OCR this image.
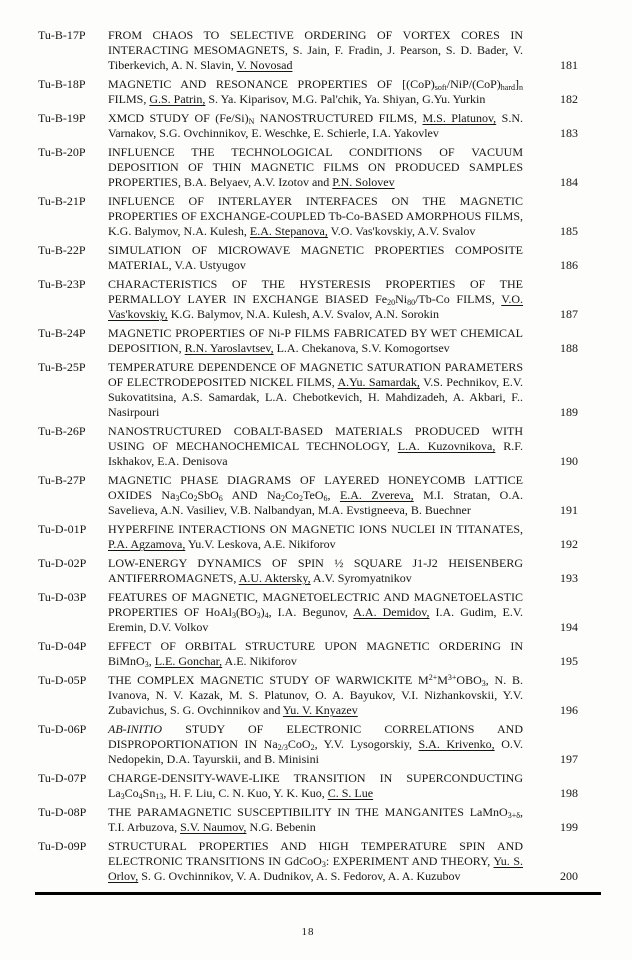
Tu-B-17P	FROM CHAOS TO SELECTIVE ORDERING OF VORTEX CORES IN INTERACTING MESOMAGNETS, S. Jain, F. Fradin, J. Pearson, S. D. Bader, V. Tiberkevich, A. N. Slavin, V. Novosad	181
Tu-B-18P	MAGNETIC AND RESONANCE PROPERTIES OF $[(CoP)_{soft}/NiP/(CoP)_{hard}]_n$ FILMS, G.S. Patrin, S. Ya. Kiparisov, M.G. Pal'chik, Ya. Shiyan, G.Yu. Yurkin	182
Tu-B-19P	XMCD STUDY OF $(Fe/Si)_N$ NANOSTRUCTURED FILMS, M.S. Platunov, S.N. Varnakov, S.G. Ovchinnikov, E. Weschke, E. Schierle, I.A. Yakovlev	183
Tu-B-20P	INFLUENCE THE TECHNOLOGICAL CONDITIONS OF VACUUM DEPOSITION OF THIN MAGNETIC FILMS ON PRODUCED SAMPLES PROPERTIES, B.A. Belyaev, A.V. Izotov and P.N. Solovev	184
Tu-B-21P	INFLUENCE OF INTERLAYER INTERFACES ON THE MAGNETIC PROPERTIES OF EXCHANGE-COUPLED Tb-Co-BASED AMORPHOUS FILMS, K.G. Balymov, N.A. Kulesh, E.A. Stepanova, V.O. Vas'kovskiy, A.V. Svalov	185
Tu-B-22P	SIMULATION OF MICROWAVE MAGNETIC PROPERTIES COMPOSITE MATERIAL, V.A. Ustyugov	186
Tu-B-23P	CHARACTERISTICS OF THE HYSTERESIS PROPERTIES OF THE PERMALLOY LAYER IN EXCHANGE BIASED $Fe_{20}Ni_{80}/Tb-Co$ FILMS, V.O. Vas'kovskiy, K.G. Balymov, N.A. Kulesh, A.V. Svalov, A.N. Sorokin	187
Tu-B-24P	MAGNETIC PROPERTIES OF Ni-P FILMS FABRICATED BY WET CHEMICAL DEPOSITION, R.N. Yaroslavtsev, L.A. Chekanova, S.V. Komogortsev	188
Tu-B-25P	TEMPERATURE DEPENDENCE OF MAGNETIC SATURATION PARAMETERS OF ELECTRODEPOSITED NICKEL FILMS, A.Yu. Samardak, V.S. Pechnikov, E.V. Sukovatitsina, A.S. Samardak, L.A. Chebotkevich, H. Mahdizadeh, A. Akbari, F.. Nasirpouri	189
Tu-B-26P	NANOSTRUCTURED COBALT-BASED MATERIALS PRODUCED WITH USING OF MECHANOCHEMICAL TECHNOLOGY, L.A. Kuzovnikova, R.F. Iskhakov, E.A. Denisova	190
Tu-B-27P	MAGNETIC PHASE DIAGRAMS OF LAYERED HONEYCOMB LATTICE OXIDES $Na_3Co_2SbO_6$ AND $Na_2Co_2TeO_6$, E.A. Zvereva, M.I. Stratan, O.A. Savelieva, A.N. Vasiliev, V.B. Nalbandyan, M.A. Evstigneeva, B. Buechner	191
Tu-D-01P	HYPERFINE INTERACTIONS ON MAGNETIC IONS NUCLEI IN TITANATES, P.A. Agzamova, Yu.V. Leskova, A.E. Nikiforov	192
Tu-D-02P	LOW-ENERGY DYNAMICS OF SPIN ½ SQUARE J1-J2 HEISENBERG ANTIFERROMAGNETS, A.U. Aktersky, A.V. Syromyatnikov	193
Tu-D-03P	FEATURES OF MAGNETIC, MAGNETOELECTRIC AND MAGNETOELASTIC PROPERTIES OF $HoAl_3(BO_3)_4$, I.A. Begunov, A.A. Demidov, I.A. Gudim, E.V. Eremin, D.V. Volkov	194
Tu-D-04P	EFFECT OF ORBITAL STRUCTURE UPON MAGNETIC ORDERING IN BiMnO$_3$, L.E. Gonchar, A.E. Nikiforov	195
Tu-D-05P	THE COMPLEX MAGNETIC STUDY OF WARWICKITE $M^{2+}M^{3+}OBO_3$, N. B. Ivanova, N. V. Kazak, M. S. Platunov, O. A. Bayukov, V.I. Nizhankovskii, Y.V. Zubavichus, S. G. Ovchinnikov and Yu. V. Knyazev	196
Tu-D-06P	AB-INITIO STUDY OF ELECTRONIC CORRELATIONS AND DISPROPORTIONATION IN $Na_{2/3}CoO_2$, Y.V. Lysogorskiy, S.A. Krivenko, O.V. Nedopekin, D.A. Tayurskii, and B. Minisini	197
Tu-D-07P	CHARGE-DENSITY-WAVE-LIKE TRANSITION IN SUPERCONDUCTING $La_3Co_4Sn_{13}$, H. F. Liu, C. N. Kuo, Y. K. Kuo, C. S. Lue	198
Tu-D-08P	THE PARAMAGNETIC SUSCEPTIBILITY IN THE MANGANITES LaMnO$_{3+\delta}$, T.I. Arbuzova, S.V. Naumov, N.G. Bebenin	199
Tu-D-09P	STRUCTURAL PROPERTIES AND HIGH TEMPERATURE SPIN AND ELECTRONIC TRANSITIONS IN GdCoO$_3$: EXPERIMENT AND THEORY, Yu. S. Orlov, S. G. Ovchinnikov, V. A. Dudnikov, A. S. Fedorov, A. A. Kuzubov	200
18
